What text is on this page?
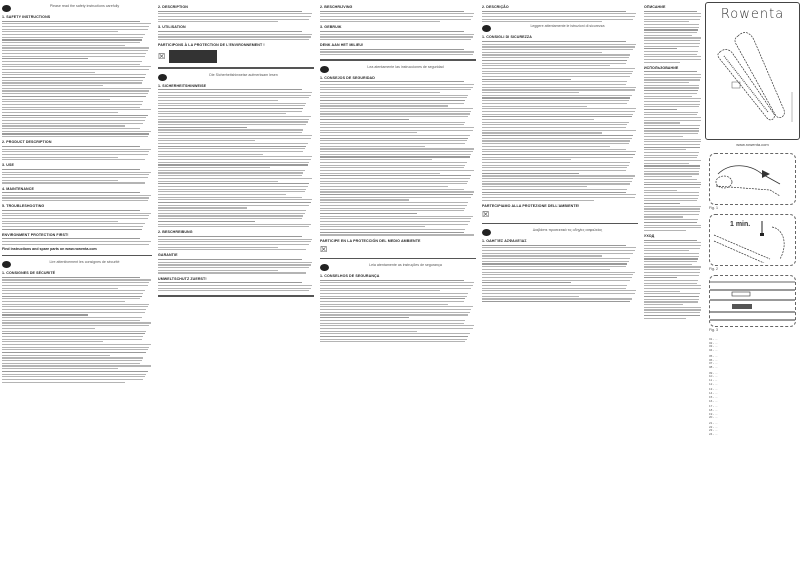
Please read the safety instructions carefully
1. SAFETY INSTRUCTIONS
2. PRODUCT DESCRIPTION
3. USE
4. MAINTENANCE
5. TROUBLESHOOTING
ENVIRONMENT PROTECTION FIRST!
Find instructions and spare parts on www.rowenta.com
Lire attentivement les consignes de sécurité
1. CONSIGNES DE SÉCURITÉ
2. DESCRIPTION
3. UTILISATION
PARTICIPONS À LA PROTECTION DE L'ENVIRONNEMENT !
☒
Die Sicherheitshinweise aufmerksam lesen
1. SICHERHEITSHINWEISE
2. BESCHREIBUNG
GARANTIE
UMWELTSCHUTZ ZUERST!
2. BESCHRIJVING
3. GEBRUIK
DENK AAN HET MILIEU!
Lea atentamente las instrucciones de seguridad
1. CONSEJOS DE SEGURIDAD
PARTICIPE EN LA PROTECCIÓN DEL MEDIO AMBIENTE
☒
Leia atentamente as instruções de segurança
1. CONSELHOS DE SEGURANÇA
2. DESCRIÇÃO
Leggere attentamente le istruzioni di sicurezza
1. CONSIGLI DI SICUREZZA
PARTECIPIAMO ALLA PROTEZIONE DELL'AMBIENTE!
☒
Διαβάστε προσεκτικά τις οδηγίες ασφαλείας
1. ΟΔΗΓΊΕΣ ΑΣΦΑΛΕΊΑΣ
ОПИСАНИЕ
ИСПОЛЬЗОВАНИЕ
УХОД
Rowenta
www.rowenta.com
Fig. 1
1 min.
Fig. 2
Fig. 3
01 - ...
02 - ...
03 - ...
04 - ...
05 - ...
06 - ...
07 - ...
08 - ...
09 - ...
10 - ...
11 - ...
12 - ...
13 - ...
14 - ...
15 - ...
16 - ...
17 - ...
18 - ...
19 - ...
20 - ...
21 - ...
22 - ...
23 - ...
24 - ...
